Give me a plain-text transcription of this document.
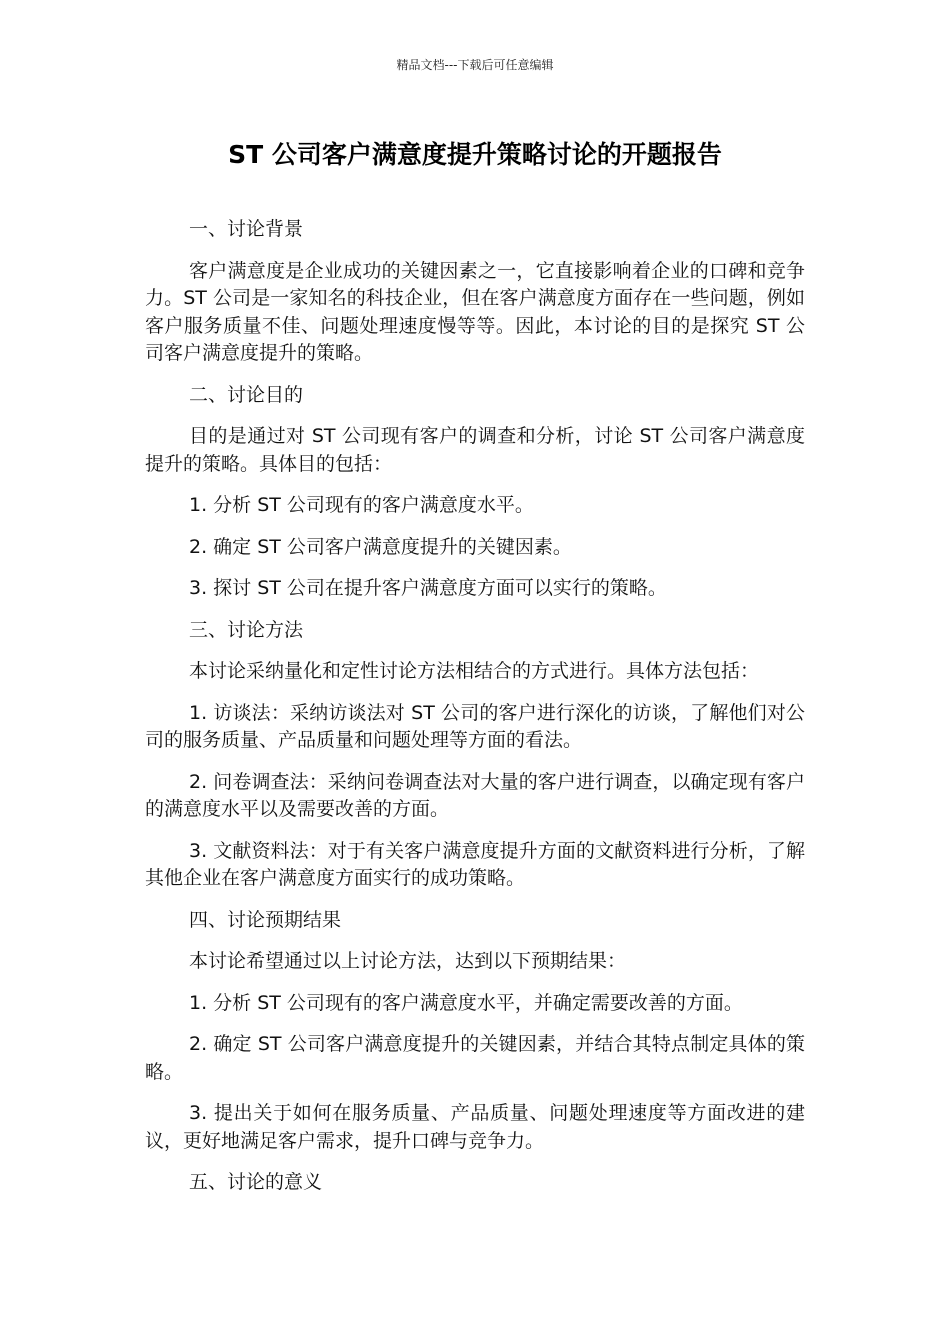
精品文档---下载后可任意编辑
ST 公司客户满意度提升策略讨论的开题报告

一、讨论背景

客户满意度是企业成功的关键因素之一，它直接影响着企业的口碑和竞争力。ST 公司是一家知名的科技企业，但在客户满意度方面存在一些问题，例如客户服务质量不佳、问题处理速度慢等等。因此，本讨论的目的是探究 ST 公司客户满意度提升的策略。

二、讨论目的

目的是通过对 ST 公司现有客户的调查和分析，讨论 ST 公司客户满意度提升的策略。具体目的包括：

1. 分析 ST 公司现有的客户满意度水平。

2. 确定 ST 公司客户满意度提升的关键因素。

3. 探讨 ST 公司在提升客户满意度方面可以实行的策略。

三、讨论方法

本讨论采纳量化和定性讨论方法相结合的方式进行。具体方法包括：

1. 访谈法：采纳访谈法对 ST 公司的客户进行深化的访谈，了解他们对公司的服务质量、产品质量和问题处理等方面的看法。

2. 问卷调查法：采纳问卷调查法对大量的客户进行调查，以确定现有客户的满意度水平以及需要改善的方面。

3. 文献资料法：对于有关客户满意度提升方面的文献资料进行分析，了解其他企业在客户满意度方面实行的成功策略。

四、讨论预期结果

本讨论希望通过以上讨论方法，达到以下预期结果：

1. 分析 ST 公司现有的客户满意度水平，并确定需要改善的方面。

2. 确定 ST 公司客户满意度提升的关键因素，并结合其特点制定具体的策略。

3. 提出关于如何在服务质量、产品质量、问题处理速度等方面改进的建议，更好地满足客户需求，提升口碑与竞争力。

五、讨论的意义
